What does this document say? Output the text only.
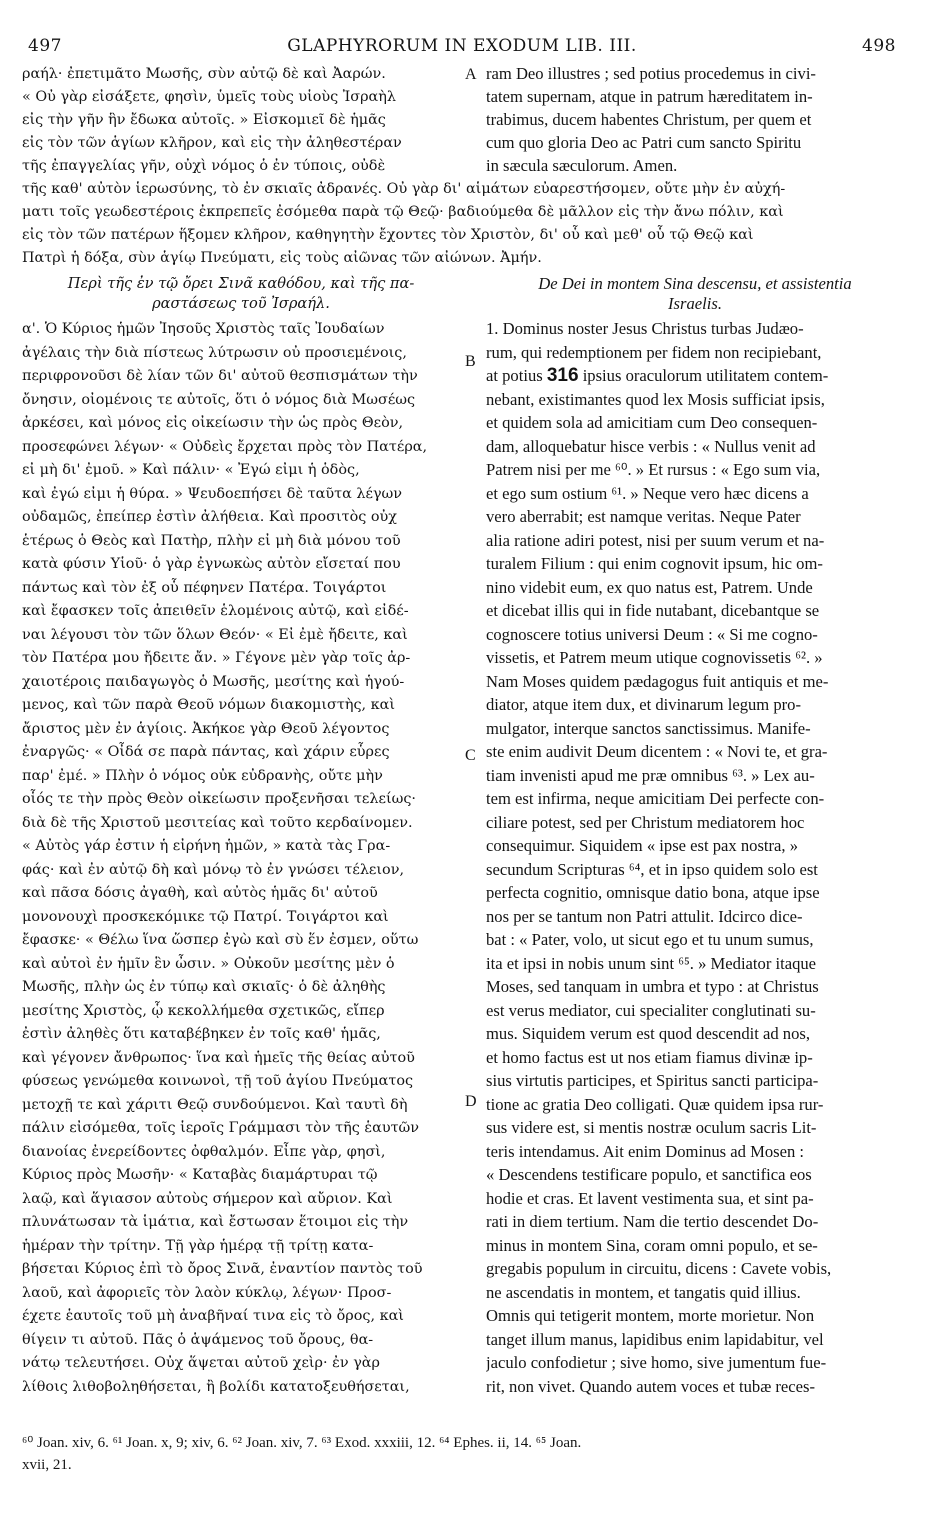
497	GLAPHYRORUM IN EXODUM LIB. III.	498
ραήλ· ἐπετιμᾶτο Μωσῆς, σὺν αὐτῷ δὲ καὶ Ἀαρών.
« Οὐ γὰρ εἰσάξετε, φησὶν, ὑμεῖς τοὺς υἱοὺς Ἰσραὴλ
εἰς τὴν γῆν ἣν ἔδωκα αὐτοῖς. » Εἰσκομιεῖ δὲ ἡμᾶς
εἰς τὸν τῶν ἁγίων κλῆρον, καὶ εἰς τὴν ἀληθεστέραν
τῆς ἐπαγγελίας γῆν, οὐχὶ νόμος ὁ ἐν τύποις, οὐδὲ
ram Deo illustres ; sed potius procedemus in civi-
tatem supernam, atque in patrum hæreditatem in-
trabimus, ducem habentes Christum, per quem et
cum quo gloria Deo ac Patri cum sancto Spiritu
in sæcula sæculorum. Amen.
τῆς καθ' αὐτὸν ἱερωσύνης, τὸ ἐν σκιαῖς ἀδρανές. Οὐ γὰρ δι' αἱμάτων εὐαρεστήσομεν, οὔτε μὴν ἐν αὐχή-
ματι τοῖς γεωδεστέροις ἐκπρεπεῖς ἐσόμεθα παρὰ τῷ Θεῷ· βαδιούμεθα δὲ μᾶλλον εἰς τὴν ἄνω πόλιν, καὶ
εἰς τὸν τῶν πατέρων ἥξομεν κλῆρον, καθηγητὴν ἔχοντες τὸν Χριστὸν, δι' οὗ καὶ μεθ' οὗ τῷ Θεῷ καὶ
Πατρὶ ἡ δόξα, σὺν ἁγίῳ Πνεύματι, εἰς τοὺς αἰῶνας τῶν αἰώνων. Ἀμήν.
Περὶ τῆς ἐν τῷ ὄρει Σινᾶ καθόδου, καὶ τῆς πα-
ραστάσεως τοῦ Ἰσραήλ.
De Dei in montem Sina descensu, et assistentia
Israelis.
α'. Ὁ Κύριος ἡμῶν Ἰησοῦς Χριστὸς ταῖς Ἰουδαίων
ἀγέλαις τὴν διὰ πίστεως λύτρωσιν οὐ προσιεμένοις,
περιφρονοῦσι δὲ λίαν τῶν δι' αὐτοῦ θεσπισμάτων τὴν
ὄνησιν, οἰομένοις τε αὐτοῖς, ὅτι ὁ νόμος διὰ Μωσέως
ἀρκέσει, καὶ μόνος εἰς οἰκείωσιν τὴν ὡς πρὸς Θεὸν,
προσεφώνει λέγων· « Οὐδεὶς ἔρχεται πρὸς τὸν Πατέρα,
εἰ μὴ δι' ἐμοῦ. » Καὶ πάλιν· « Ἐγώ εἰμι ἡ ὁδὸς,
καὶ ἐγώ εἰμι ἡ θύρα. » Ψευδοεπήσει δὲ ταῦτα λέγων
οὐδαμῶς, ἐπείπερ ἐστὶν ἀλήθεια. Καὶ προσιτὸς οὐχ
ἑτέρως ὁ Θεὸς καὶ Πατὴρ, πλὴν εἰ μὴ διὰ μόνου τοῦ
κατὰ φύσιν Υἱοῦ· ὁ γὰρ ἐγνωκὼς αὐτὸν εἴσεταί που
πάντως καὶ τὸν ἐξ οὗ πέφηνεν Πατέρα. Τοιγάρτοι
καὶ ἔφασκεν τοῖς ἀπειθεῖν ἑλομένοις αὐτῷ, καὶ εἰδέ-
ναι λέγουσι τὸν τῶν ὅλων Θεόν· « Εἰ ἐμὲ ἤδειτε, καὶ
τὸν Πατέρα μου ἤδειτε ἄν. » Γέγονε μὲν γὰρ τοῖς ἀρ-
χαιοτέροις παιδαγωγὸς ὁ Μωσῆς, μεσίτης καὶ ἡγού-
μενος, καὶ τῶν παρὰ Θεοῦ νόμων διακομιστὴς, καὶ
ἄριστος μὲν ἐν ἁγίοις. Ἀκήκοε γὰρ Θεοῦ λέγοντος
ἐναργῶς· « Οἶδά σε παρὰ πάντας, καὶ χάριν εὗρες
παρ' ἐμέ. » Πλὴν ὁ νόμος οὐκ εὐδρανὴς, οὔτε μὴν
οἷός τε τὴν πρὸς Θεὸν οἰκείωσιν προξενῆσαι τελείως·
διὰ δὲ τῆς Χριστοῦ μεσιτείας καὶ τοῦτο κερδαίνομεν.
« Αὐτὸς γάρ ἐστιν ἡ εἰρήνη ἡμῶν, » κατὰ τὰς Γρα-
φάς· καὶ ἐν αὐτῷ δὴ καὶ μόνῳ τὸ ἐν γνώσει τέλειον,
καὶ πᾶσα δόσις ἀγαθὴ, καὶ αὐτὸς ἡμᾶς δι' αὐτοῦ
μονονουχὶ προσκεκόμικε τῷ Πατρί. Τοιγάρτοι καὶ
ἔφασκε· « Θέλω ἵνα ὥσπερ ἐγὼ καὶ σὺ ἕν ἐσμεν, οὕτω
καὶ αὐτοὶ ἐν ἡμῖν ἓν ὦσιν. » Οὐκοῦν μεσίτης μὲν ὁ
Μωσῆς, πλὴν ὡς ἐν τύπῳ καὶ σκιαῖς· ὁ δὲ ἀληθὴς
μεσίτης Χριστὸς, ᾧ κεκολλήμεθα σχετικῶς, εἴπερ
ἐστὶν ἀληθὲς ὅτι καταβέβηκεν ἐν τοῖς καθ' ἡμᾶς,
καὶ γέγονεν ἄνθρωπος· ἵνα καὶ ἡμεῖς τῆς θείας αὐτοῦ
φύσεως γενώμεθα κοινωνοὶ, τῇ τοῦ ἁγίου Πνεύματος
μετοχῇ τε καὶ χάριτι Θεῷ συνδούμενοι. Καὶ ταυτὶ δὴ
πάλιν εἰσόμεθα, τοῖς ἱεροῖς Γράμμασι τὸν τῆς ἑαυτῶν
διανοίας ἐνερείδοντες ὀφθαλμόν. Εἶπε γὰρ, φησὶ,
Κύριος πρὸς Μωσῆν· « Καταβὰς διαμάρτυραι τῷ
λαῷ, καὶ ἅγιασον αὐτοὺς σήμερον καὶ αὔριον. Καὶ
πλυνάτωσαν τὰ ἱμάτια, καὶ ἔστωσαν ἕτοιμοι εἰς τὴν
ἡμέραν τὴν τρίτην. Τῇ γὰρ ἡμέρᾳ τῇ τρίτῃ κατα-
βήσεται Κύριος ἐπὶ τὸ ὄρος Σινᾶ, ἐναντίον παντὸς τοῦ
λαοῦ, καὶ ἀφοριεῖς τὸν λαὸν κύκλῳ, λέγων· Προσ-
έχετε ἑαυτοῖς τοῦ μὴ ἀναβῆναί τινα εἰς τὸ ὄρος, καὶ
θίγειν τι αὐτοῦ. Πᾶς ὁ ἁψάμενος τοῦ ὄρους, θα-
νάτῳ τελευτήσει. Οὐχ ἅψεται αὐτοῦ χεὶρ· ἐν γὰρ
λίθοις λιθοβοληθήσεται, ἢ βολίδι κατατοξευθήσεται,
1. Dominus noster Jesus Christus turbas Judæo-
rum, qui redemptionem per fidem non recipiebant,
at potius 316 ipsius oraculorum utilitatem contem-
nebant, existimantes quod lex Mosis sufficiat ipsis,
et quidem sola ad amicitiam cum Deo consequen-
dam, alloquebatur hisce verbis : « Nullus venit ad
Patrem nisi per me ⁶⁰. » Et rursus : « Ego sum via,
et ego sum ostium ⁶¹. » Neque vero hæc dicens a
vero aberrabit; est namque veritas. Neque Pater
alia ratione adiri potest, nisi per suum verum et na-
turalem Filium : qui enim cognovit ipsum, hic om-
nino videbit eum, ex quo natus est, Patrem. Unde
et dicebat illis qui in fide nutabant, dicebantque se
cognoscere totius universi Deum : « Si me cogno-
vissetis, et Patrem meum utique cognovissetis ⁶². »
Nam Moses quidem pædagogus fuit antiquis et me-
diator, atque item dux, et divinarum legum pro-
mulgator, interque sanctos sanctissimus. Manife-
ste enim audivit Deum dicentem : « Novi te, et gra-
tiam invenisti apud me præ omnibus ⁶³. » Lex au-
tem est infirma, neque amicitiam Dei perfecte con-
ciliare potest, sed per Christum mediatorem hoc
consequimur. Siquidem « ipse est pax nostra, »
secundum Scripturas ⁶⁴, et in ipso quidem solo est
perfecta cognitio, omnisque datio bona, atque ipse
nos per se tantum non Patri attulit. Idcirco dice-
bat : « Pater, volo, ut sicut ego et tu unum sumus,
ita et ipsi in nobis unum sint ⁶⁵. » Mediator itaque
Moses, sed tanquam in umbra et typo : at Christus
est verus mediator, cui specialiter conglutinati su-
mus. Siquidem verum est quod descendit ad nos,
et homo factus est ut nos etiam fiamus divinæ ip-
sius virtutis participes, et Spiritus sancti participa-
tione ac gratia Deo colligati. Quæ quidem ipsa rur-
sus videre est, si mentis nostræ oculum sacris Lit-
teris intendamus. Ait enim Dominus ad Mosen :
« Descendens testificare populo, et sanctifica eos
hodie et cras. Et lavent vestimenta sua, et sint pa-
rati in diem tertium. Nam die tertio descendet Do-
minus in montem Sina, coram omni populo, et se-
gregabis populum in circuitu, dicens : Cavete vobis,
ne ascendatis in montem, et tangatis quid illius.
Omnis qui tetigerit montem, morte morietur. Non
tanget illum manus, lapidibus enim lapidabitur, vel
jaculo confodietur ; sive homo, sive jumentum fue-
rit, non vivet. Quando autem voces et tubæ reces-
A
B
C
D
⁶⁰ Joan. xiv, 6. ⁶¹ Joan. x, 9; xiv, 6. ⁶² Joan. xiv, 7. ⁶³ Exod. xxxiii, 12. ⁶⁴ Ephes. ii, 14. ⁶⁵ Joan.
xvii, 21.
